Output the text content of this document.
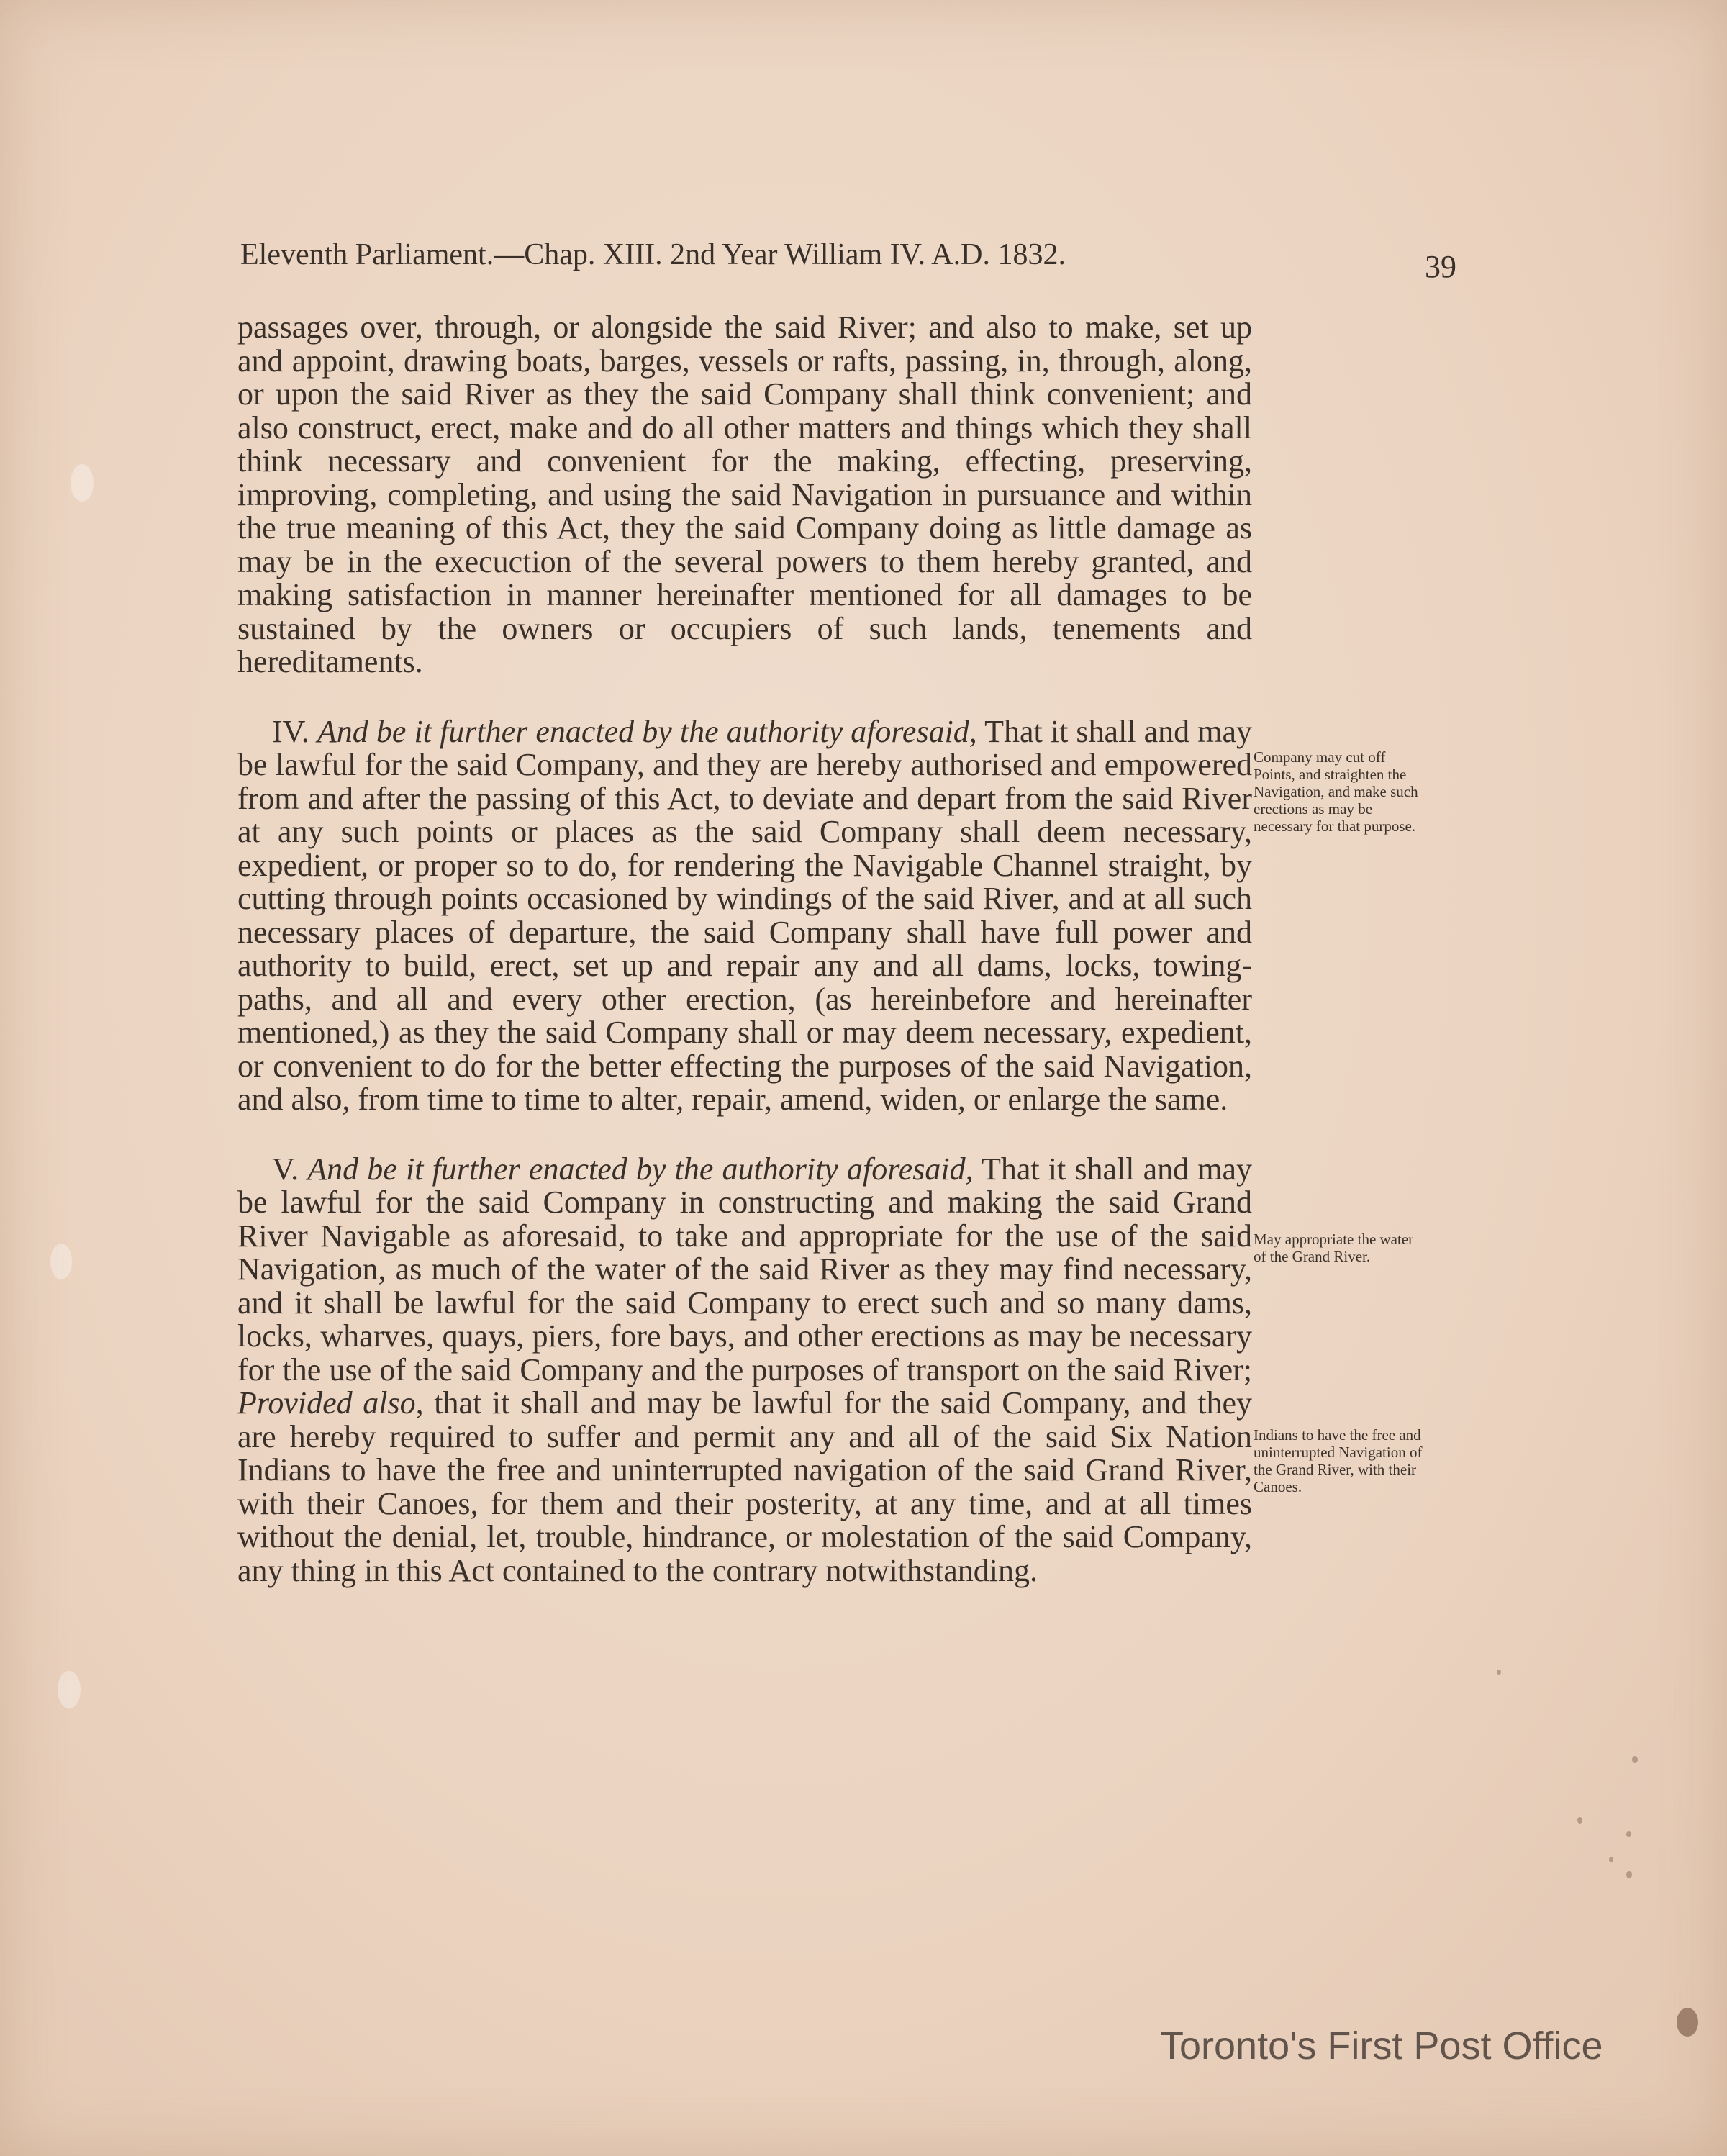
Eleventh Parliament.—Chap. XIII. 2nd Year William IV. A.D. 1832.	39

passages over, through, or alongside the said River; and also to make, set up and appoint, drawing boats, barges, vessels or rafts, passing, in, through, along, or upon the said River as they the said Company shall think convenient; and also construct, erect, make and do all other matters and things which they shall think necessary and convenient for the making, effecting, preserving, improving, completing, and using the said Navigation in pursuance and within the true meaning of this Act, they the said Company doing as little damage as may be in the execuction of the several powers to them hereby granted, and making satisfaction in manner hereinafter mentioned for all damages to be sustained by the owners or occupiers of such lands, tenements and hereditaments.

IV. And be it further enacted by the authority aforesaid, That it shall and may be lawful for the said Company, and they are hereby authorised and empowered from and after the passing of this Act, to deviate and depart from the said River at any such points or places as the said Company shall deem necessary, expedient, or proper so to do, for rendering the Navigable Channel straight, by cutting through points occasioned by windings of the said River, and at all such necessary places of departure, the said Company shall have full power and authority to build, erect, set up and repair any and all dams, locks, towing-paths, and all and every other erection, (as hereinbefore and hereinafter mentioned,) as they the said Company shall or may deem necessary, expedient, or convenient to do for the better effecting the purposes of the said Navigation, and also, from time to time to alter, repair, amend, widen, or enlarge the same.

V. And be it further enacted by the authority aforesaid, That it shall and may be lawful for the said Company in constructing and making the said Grand River Navigable as aforesaid, to take and appropriate for the use of the said Navigation, as much of the water of the said River as they may find necessary, and it shall be lawful for the said Company to erect such and so many dams, locks, wharves, quays, piers, fore bays, and other erections as may be necessary for the use of the said Company and the purposes of transport on the said River; Provided also, that it shall and may be lawful for the said Company, and they are hereby required to suffer and permit any and all of the said Six Nation Indians to have the free and uninterrupted navigation of the said Grand River, with their Canoes, for them and their posterity, at any time, and at all times without the denial, let, trouble, hindrance, or molestation of the said Company, any thing in this Act contained to the contrary notwithstanding.

Company may cut off Points, and straighten the Navigation, and make such erections as may be necessary for that purpose.
May appropriate the water of the Grand River.
Indians to have the free and uninterrupted Navigation of the Grand River, with their Canoes.
Toronto's First Post Office
